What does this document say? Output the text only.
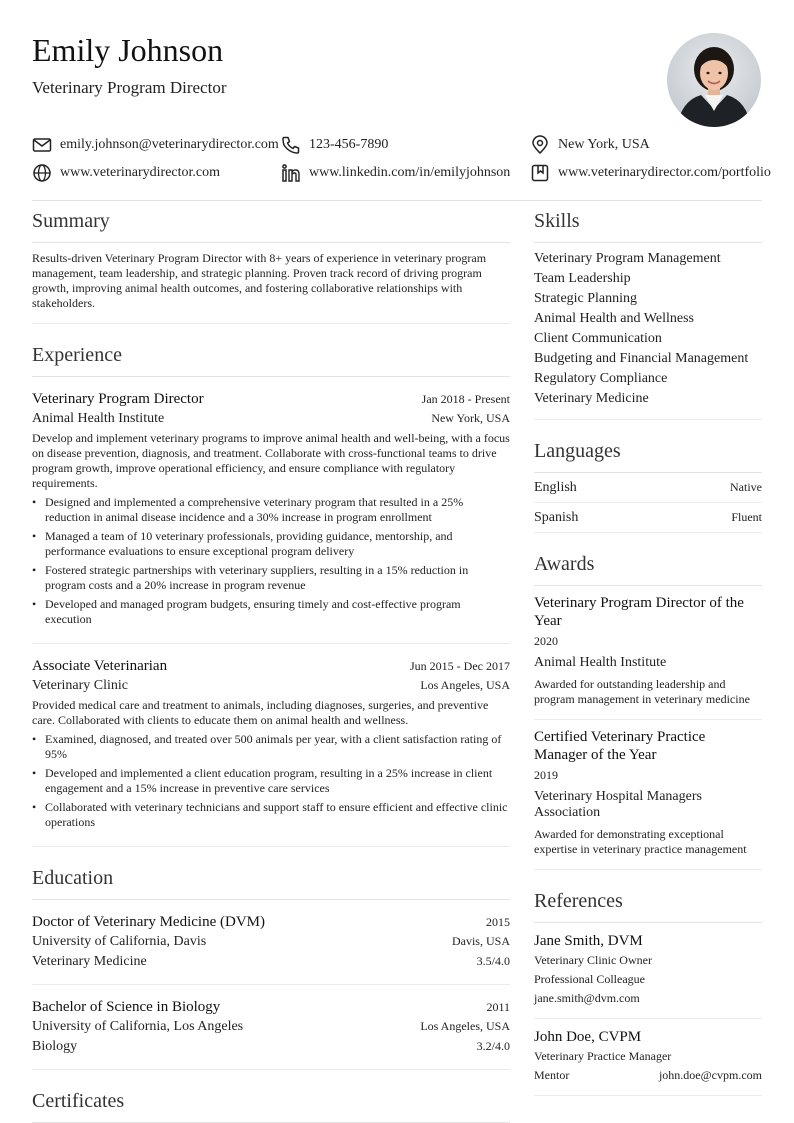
Emily Johnson
Veterinary Program Director
emily.johnson@veterinarydirector.com 123-456-7890	New York, USA
www.veterinarydirector.com	www.linkedin.com/in/emilyjohnson	www.veterinarydirector.com/portfolio
Summary
Results-driven Veterinary Program Director with 8+ years of experience in veterinary program management, team leadership, and strategic planning. Proven track record of driving program growth, improving animal health outcomes, and fostering collaborative relationships with stakeholders.
Experience
Veterinary Program Director	Jan 2018 - Present
Animal Health Institute	New York, USA
Develop and implement veterinary programs to improve animal health and well-being, with a focus on disease prevention, diagnosis, and treatment. Collaborate with cross-functional teams to drive program growth, improve operational efficiency, and ensure compliance with regulatory requirements.
• Designed and implemented a comprehensive veterinary program that resulted in a 25% reduction in animal disease incidence and a 30% increase in program enrollment
• Managed a team of 10 veterinary professionals, providing guidance, mentorship, and performance evaluations to ensure exceptional program delivery
• Fostered strategic partnerships with veterinary suppliers, resulting in a 15% reduction in program costs and a 20% increase in program revenue
• Developed and managed program budgets, ensuring timely and cost-effective program execution
Associate Veterinarian	Jun 2015 - Dec 2017
Veterinary Clinic	Los Angeles, USA
Provided medical care and treatment to animals, including diagnoses, surgeries, and preventive care. Collaborated with clients to educate them on animal health and wellness.
• Examined, diagnosed, and treated over 500 animals per year, with a client satisfaction rating of 95%
• Developed and implemented a client education program, resulting in a 25% increase in client engagement and a 15% increase in preventive care services
• Collaborated with veterinary technicians and support staff to ensure efficient and effective clinic operations
Education
Doctor of Veterinary Medicine (DVM)	2015
University of California, Davis	Davis, USA
Veterinary Medicine	3.5/4.0
Bachelor of Science in Biology	2011
University of California, Los Angeles	Los Angeles, USA
Biology	3.2/4.0
Certificates
Skills
Veterinary Program Management
Team Leadership
Strategic Planning
Animal Health and Wellness
Client Communication
Budgeting and Financial Management
Regulatory Compliance
Veterinary Medicine
Languages
English	Native
Spanish	Fluent
Awards
Veterinary Program Director of the Year
2020
Animal Health Institute
Awarded for outstanding leadership and program management in veterinary medicine
Certified Veterinary Practice Manager of the Year
2019
Veterinary Hospital Managers Association
Awarded for demonstrating exceptional expertise in veterinary practice management
References
Jane Smith, DVM
Veterinary Clinic Owner
Professional Colleague
jane.smith@dvm.com
John Doe, CVPM
Veterinary Practice Manager
Mentor	john.doe@cvpm.com
